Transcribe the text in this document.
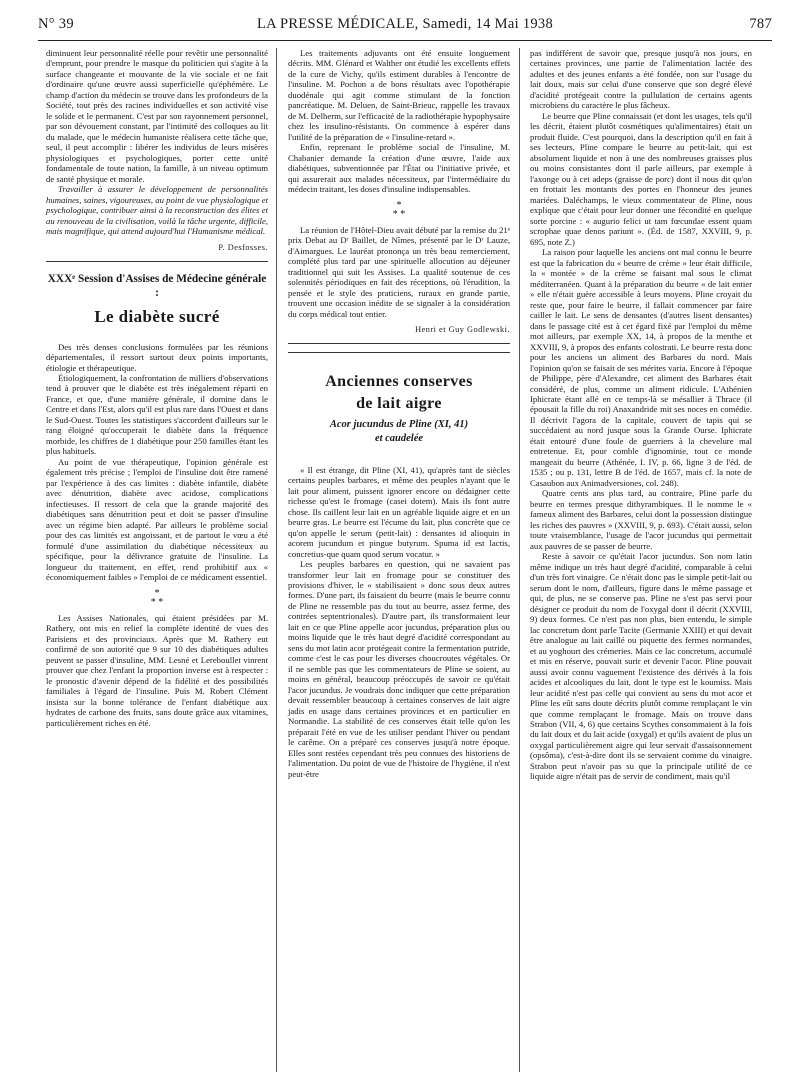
N° 39	LA PRESSE MÉDICALE, Samedi, 14 Mai 1938	787

diminuent leur personnalité réelle pour revêtir une personnalité d'emprunt, pour prendre le masque du politicien qui s'agite à la surface changeante et mouvante de la vie sociale et ne fait d'ordinaire qu'une œuvre aussi superficielle qu'éphémère. Le champ d'action du médecin se trouve dans les profondeurs de la Société, tout près des racines individuelles et son activité vise le solide et le permanent. C'est par son rayonnement personnel, par son dévouement constant, par l'intimité des colloques au lit du malade, que le médecin humaniste réalisera cette tâche que, seul, il peut accomplir : libérer les individus de leurs misères physiologiques et psychologiques, porter cette unité fondamentale de toute nation, la famille, à un niveau optimum de santé physique et morale.

Travailler à assurer le développement de personnalités humaines, saines, vigoureuses, au point de vue physiologique et psychologique, contribuer ainsi à la reconstruction des élites et au renouveau de la civilisation, voilà la tâche urgente, difficile, mais magnifique, qui attend aujourd'hui l'Humanisme médical.

P. Desfosses.

XXXᵉ Session d'Assises de Médecine générale :
Le diabète sucré

Des très denses conclusions formulées par les réunions départementales, il ressort surtout deux points importants, étiologie et thérapeutique.

Étiologiquement, la confrontation de milliers d'observations tend à prouver que le diabète est très inégalement réparti en France, et que, d'une manière générale, il domine dans le Centre et dans l'Est, alors qu'il est plus rare dans l'Ouest et dans le Sud-Ouest. Toutes les statistiques s'accordent d'ailleurs sur le rang éloigné qu'occuperait le diabète dans la fréquence morbide, les chiffres de 1 diabétique pour 250 familles étant les plus habituels.

Au point de vue thérapeutique, l'opinion générale est également très précise ; l'emploi de l'insuline doit être ramené par l'expérience à des cas limites : diabète infantile, diabète avec dénutrition, diabète avec acidose, complications infectieuses. Il ressort de cela que la grande majorité des diabétiques sans dénutrition peut et doit se passer d'insuline avec un régime bien adapté. Par ailleurs le problème social pour des cas limités est angoissant, et de partout le vœu a été formulé d'une assimilation du diabétique nécessiteux au spécifique, pour la délivrance gratuite de l'insuline. La longueur du traitement, en effet, rend prohibitif aux « économiquement faibles » l'emploi de ce médicament essentiel.

*
* *

Les Assises Nationales, qui étaient présidées par M. Rathery, ont mis en relief la complète identité de vues des Parisiens et des provinciaux. Après que M. Rathery eut confirmé de son autorité que 9 sur 10 des diabétiques adultes peuvent se passer d'insuline, MM. Lesné et Lereboullet vinrent prouver que chez l'enfant la proportion inverse est à respecter : le pronostic d'avenir dépend de la fidélité et des possibilités familiales à l'égard de l'insuline. Puis M. Robert Clément insista sur la bonne tolérance de l'enfant diabétique aux hydrates de carbone des fruits, sans doute grâce aux vitamines, particulièrement riches en été.

Les traitements adjuvants ont été ensuite longuement décrits. MM. Glénard et Walther ont étudié les excellents effets de la cure de Vichy, qu'ils estiment durables à l'encontre de l'insuline. M. Pochon a de bons résultats avec l'opothérapie duodénale qui agit comme stimulant de la fonction pancréatique. M. Deluen, de Saint-Brieuc, rappelle les travaux de M. Delherm, sur l'efficacité de la radiothérapie hypophysaire chez les insulino-résistants. On commence à espérer dans l'utilité de la préparation de « l'insuline-retard ».

Enfin, reprenant le problème social de l'insuline, M. Chabanier demande la création d'une œuvre, l'aide aux diabétiques, subventionnée par l'État ou l'initiative privée, et qui assurerait aux malades nécessiteux, par l'intermédiaire du médecin traitant, les doses d'insuline indispensables.

*
* *

La réunion de l'Hôtel-Dieu avait débuté par la remise du 21ᵉ prix Debat au Dʳ Baillet, de Nîmes, présenté par le Dʳ Lauze, d'Aimargues. Le lauréat prononça un très beau remerciement, complété plus tard par une spirituelle allocution au déjeuner traditionnel qui suit les Assises. La qualité soutenue de ces solennités périodiques en fait des réceptions, où l'érudition, la pensée et le style des praticiens, ruraux en grande partie, trouvent une occasion inédite de se signaler à la considération du corps médical tout entier.

Henri et Guy Godlewski.

Anciennes conserves
de lait aigre
Acor jucundus de Pline (XI, 41)
et caudelée

« Il est étrange, dit Pline (XI, 41), qu'après tant de siècles certains peuples barbares, et même des peuples n'ayant que le lait pour aliment, puissent ignorer encore ou dédaigner cette richesse qu'est le fromage (casei dotem). Mais ils font autre chose. Ils caillent leur lait en un agréable liquide aigre et en un beurre gras. Le beurre est l'écume du lait, plus concrète que ce qu'on appelle le serum (petit-lait) : densantes id alioquin in acorem jucundum et pingue butyrum. Spuma id est lactis, concretius-que quam quod serum vocatur. »

Les peuples barbares en question, qui ne savaient pas transformer leur lait en fromage pour se constituer des provisions d'hiver, le « stabilisaient » donc sous deux autres formes. D'une part, ils faisaient du beurre (mais le beurre connu de Pline ne ressemble pas du tout au beurre, assez ferme, des contrées septentrionales). D'autre part, ils transformaient leur lait en ce que Pline appelle acor jucundus, préparation plus ou moins liquide que le très haut degré d'acidité correspondant au sens du mot latin acor protégeait contre la fermentation putride, comme c'est le cas pour les diverses choucroutes végétales. Or il ne semble pas que les commentateurs de Pline se soient, au moins en général, beaucoup préoccupés de savoir ce qu'était l'acor jucundus. Je voudrais donc indiquer que cette préparation devait ressembler beaucoup à certaines conserves de lait aigre jadis en usage dans certaines provinces et en particulier en Normandie. La stabilité de ces conserves était telle qu'on les préparait l'été en vue de les utiliser pendant l'hiver ou pendant le carême. On a préparé ces conserves jusqu'à notre époque. Elles sont restées cependant très peu connues des historiens de l'alimentation. Du point de vue de l'histoire de l'hygiène, il n'est peut-être

pas indifférent de savoir que, presque jusqu'à nos jours, en certaines provinces, une partie de l'alimentation lactée des adultes et des jeunes enfants a été fondée, non sur l'usage du lait doux, mais sur celui d'une conserve que son degré élevé d'acidité protégeait contre la pullulation de certains agents microbiens du caractère le plus fâcheux.

Le beurre que Pline connaissait (et dont les usages, tels qu'il les décrit, étaient plutôt cosmétiques qu'alimentaires) était un produit fluide. C'est pourquoi, dans la description qu'il en fait à ses lecteurs, Pline compare le beurre au petit-lait, qui est absolument liquide et non à une des nombreuses graisses plus ou moins consistantes dont il parle ailleurs, par exemple à l'axonge ou à cet adeps (graisse de porc) dont il nous dit qu'on en frottait les montants des portes en l'honneur des jeunes mariées. Daléchamps, le vieux commentateur de Pline, nous explique que c'était pour leur donner une fécondité en quelque sorte porcine : « augurio felici ut tam fœcundae essent quam scrophae quae denos pariunt ». (Éd. de 1587, XXVIII, 9, p. 695, note Z.)

La raison pour laquelle les anciens ont mal connu le beurre est que la fabrication du « beurre de crème » leur était difficile, la « montée » de la crème se faisant mal sous le climat méditerranéen. Quant à la préparation du beurre « de lait entier » elle n'était guère accessible à leurs moyens. Pline croyait du reste que, pour faire le beurre, il fallait commencer par faire cailler le lait. Le sens de densantes (d'autres lisent densantes) dans le passage cité est à cet égard fixé par l'emploi du même mot ailleurs, par exemple XX, 14, à propos de la menthe et XXVIII, 9, à propos des enfants colostrati. Le beurre resta donc pour les anciens un aliment des Barbares du nord. Mais l'opinion qu'on se faisait de ses mérites varia. Encore à l'époque de Philippe, père d'Alexandre, cet aliment des Barbares était considéré, de plus, comme un aliment ridicule. L'Athénien Iphicrate étant allé en ce temps-là se mésallier à Thrace (il épousait la fille du roi) Anaxandride mit ses noces en comédie. Il décrivit l'agora de la capitale, couvert de tapis qui se succédaient au nord jusque sous la Grande Ourse. Iphicrate était entouré d'une foule de guerriers à la chevelure mal entretenue. Et, pour comble d'ignominie, tout ce monde mangeait du beurre (Athénée, I. IV, p. 66, ligne 3 de l'éd. de 1535 ; ou p. 131, lettre B de l'éd. de 1657, mais cf. la note de Casaubon aux Animadversiones, col. 248).

Quatre cents ans plus tard, au contraire, Pline parle du beurre en termes presque dithyrambiques. Il le nomme le « fameux aliment des Barbares, celui dont la possession distingue les riches des pauvres » (XXVIII, 9, p. 693). C'était aussi, selon toute vraisemblance, l'usage de l'acor jucundus qui permettait aux pauvres de se passer de beurre.

Reste à savoir ce qu'était l'acor jucundus. Son nom latin même indique un très haut degré d'acidité, comparable à celui d'un très fort vinaigre. Ce n'était donc pas le simple petit-lait ou serum dont le nom, d'ailleurs, figure dans le même passage et qui, de plus, ne se conserve pas. Pline ne s'est pas servi pour désigner ce produit du nom de l'oxygal dont il décrit (XXVIII, 9) deux formes. Ce n'est pas non plus, bien entendu, le simple lac concretum dont parle Tacite (Germanie XXIII) et qui devait être analogue au lait caillé ou piquette des fermes normandes, et au yoghourt des crémeries. Mais ce lac concretum, accumulé et mis en réserve, pouvait surir et devenir l'acor. Pline pouvait aussi avoir connu vaguement l'existence des dérivés à la fois acides et alcooliques du lait, dont le type est le koumiss. Mais leur acidité n'est pas celle qui convient au sens du mot acor et Pline les eût sans doute décrits plutôt comme remplaçant le vin que comme remplaçant le fromage. Mais on trouve dans Strabon (VII, 4, 6) que certains Scythes consommaient à la fois du lait doux et du lait acide (oxygal) et qu'ils avaient de plus un oxygal particulièrement aigre qui leur servait d'assaisonnement (opsôma), c'est-à-dire dont ils se servaient comme du vinaigre. Strabon peut n'avoir pas su que la principale utilité de ce liquide aigre n'était pas de servir de condiment, mais qu'il
